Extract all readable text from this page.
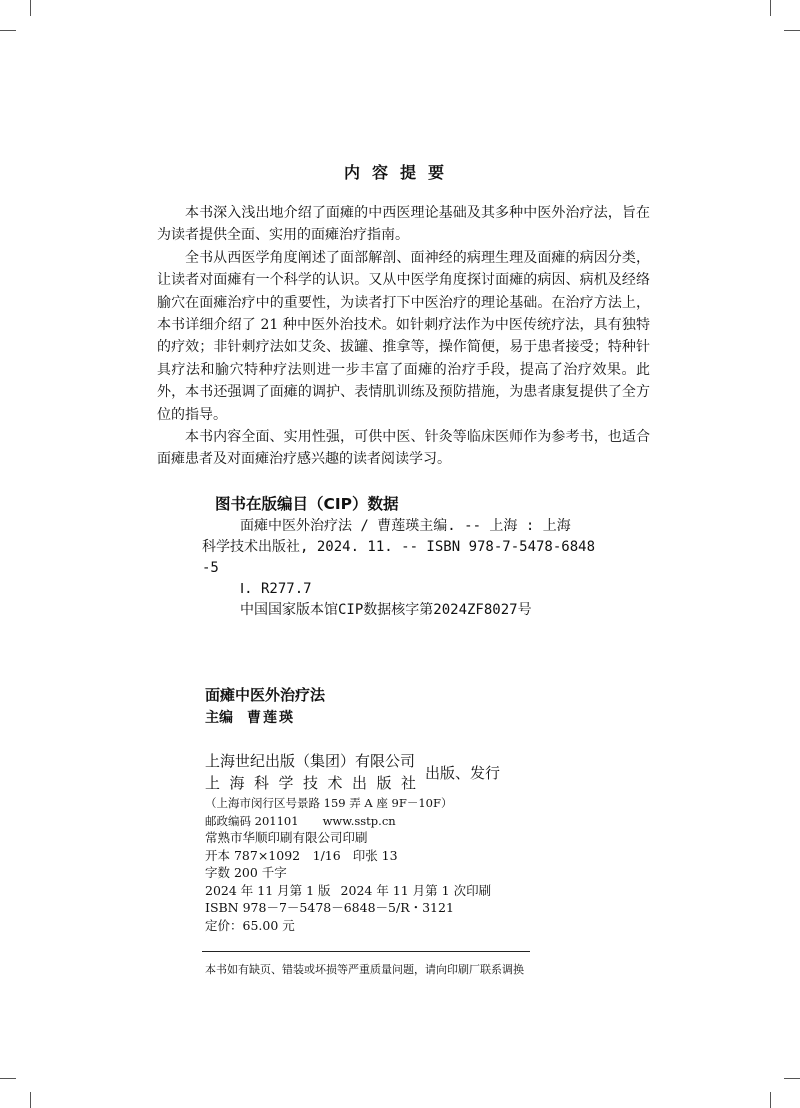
内容提要

本书深入浅出地介绍了面瘫的中西医理论基础及其多种中医外治疗法，旨在为读者提供全面、实用的面瘫治疗指南。

全书从西医学角度阐述了面部解剖、面神经的病理生理及面瘫的病因分类，让读者对面瘫有一个科学的认识。又从中医学角度探讨面瘫的病因、病机及经络腧穴在面瘫治疗中的重要性，为读者打下中医治疗的理论基础。在治疗方法上，本书详细介绍了 21 种中医外治技术。如针刺疗法作为中医传统疗法，具有独特的疗效；非针刺疗法如艾灸、拔罐、推拿等，操作简便，易于患者接受；特种针具疗法和腧穴特种疗法则进一步丰富了面瘫的治疗手段，提高了治疗效果。此外，本书还强调了面瘫的调护、表情肌训练及预防措施，为患者康复提供了全方位的指导。

本书内容全面、实用性强，可供中医、针灸等临床医师作为参考书，也适合面瘫患者及对面瘫治疗感兴趣的读者阅读学习。

图书在版编目（CIP）数据
面瘫中医外治疗法 / 曹莲瑛主编. -- 上海 : 上海
科学技术出版社, 2024. 11. -- ISBN 978-7-5478-6848
-5
Ⅰ. R277.7
中国国家版本馆CIP数据核字第2024ZF8027号
面瘫中医外治疗法
主编 曹莲瑛
上海世纪出版（集团）有限公司
上海科学技术出版社
出版、发行
（上海市闵行区号景路 159 弄 A 座 9F－10F）
邮政编码 201101 www.sstp.cn
常熟市华顺印刷有限公司印刷
开本 787×1092　1/16 印张 13
字数 200 千字
2024 年 11 月第 1 版 2024 年 11 月第 1 次印刷
ISBN 978－7－5478－6848－5/R・3121
定价：65.00 元
本书如有缺页、错装或坏损等严重质量问题，请向印刷厂联系调换
